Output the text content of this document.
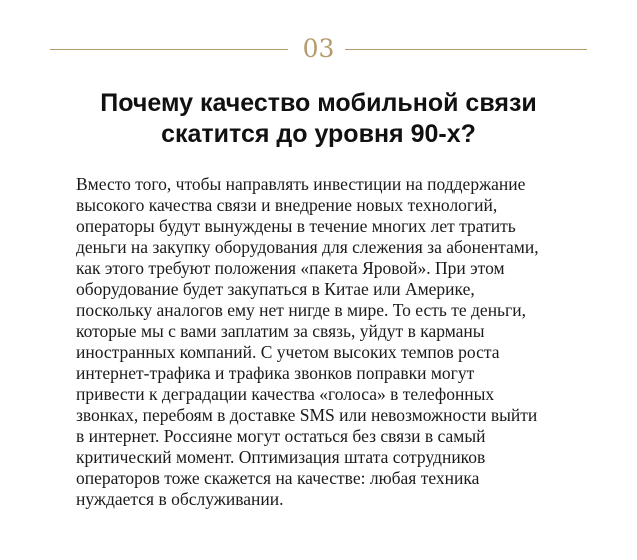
03
Почему качество мобильной связи
скатится до уровня 90-х?
Вместо того, чтобы направлять инвестиции на поддержание
высокого качества связи и внедрение новых технологий,
операторы будут вынуждены в течение многих лет тратить
деньги на закупку оборудования для слежения за абонентами,
как этого требуют положения «пакета Яровой». При этом
оборудование будет закупаться в Китае или Америке,
поскольку аналогов ему нет нигде в мире. То есть те деньги,
которые мы с вами заплатим за связь, уйдут в карманы
иностранных компаний. С учетом высоких темпов роста
интернет-трафика и трафика звонков поправки могут
привести к деградации качества «голоса» в телефонных
звонках, перебоям в доставке SMS или невозможности выйти
в интернет. Россияне могут остаться без связи в самый
критический момент. Оптимизация штата сотрудников
операторов тоже скажется на качестве: любая техника
нуждается в обслуживании.
